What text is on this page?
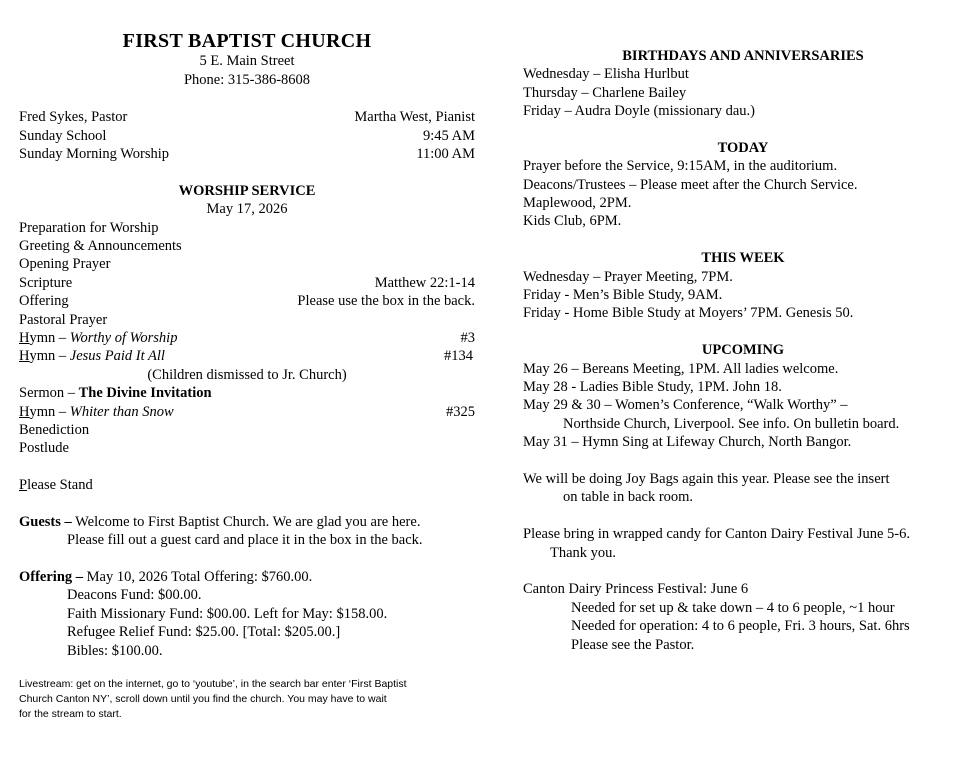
FIRST BAPTIST CHURCH
5 E. Main Street
Phone: 315-386-8608
Fred Sykes, Pastor	Martha West, Pianist
Sunday School	9:45 AM
Sunday Morning Worship	11:00 AM
WORSHIP SERVICE
May 17, 2026
Preparation for Worship
Greeting & Announcements
Opening Prayer
Scripture	Matthew 22:1-14
Offering	Please use the box in the back.
Pastoral Prayer
Hymn – Worthy of Worship	#3
Hymn – Jesus Paid It All	#134
(Children dismissed to Jr. Church)
Sermon – The Divine Invitation
Hymn – Whiter than Snow	#325
Benediction
Postlude
Please Stand
Guests – Welcome to First Baptist Church. We are glad you are here.
Please fill out a guest card and place it in the box in the back.
Offering – May 10, 2026 Total Offering: $760.00.
Deacons Fund: $00.00.
Faith Missionary Fund: $00.00. Left for May: $158.00.
Refugee Relief Fund: $25.00. [Total: $205.00.]
Bibles: $100.00.
Livestream: get on the internet, go to ‘youtube’, in the search bar enter ‘First Baptist
Church Canton NY’, scroll down until you find the church. You may have to wait
for the stream to start.
BIRTHDAYS AND ANNIVERSARIES
Wednesday – Elisha Hurlbut
Thursday – Charlene Bailey
Friday – Audra Doyle (missionary dau.)
TODAY
Prayer before the Service, 9:15AM, in the auditorium.
Deacons/Trustees – Please meet after the Church Service.
Maplewood, 2PM.
Kids Club, 6PM.
THIS WEEK
Wednesday – Prayer Meeting, 7PM.
Friday - Men’s Bible Study, 9AM.
Friday - Home Bible Study at Moyers’ 7PM. Genesis 50.
UPCOMING
May 26 – Bereans Meeting, 1PM. All ladies welcome.
May 28 - Ladies Bible Study, 1PM. John 18.
May 29 & 30 – Women’s Conference, “Walk Worthy” –
Northside Church, Liverpool. See info. On bulletin board.
May 31 – Hymn Sing at Lifeway Church, North Bangor.
We will be doing Joy Bags again this year. Please see the insert
on table in back room.
Please bring in wrapped candy for Canton Dairy Festival June 5-6.
Thank you.
Canton Dairy Princess Festival: June 6
Needed for set up & take down – 4 to 6 people, ~1 hour
Needed for operation: 4 to 6 people, Fri. 3 hours, Sat. 6hrs
Please see the Pastor.
